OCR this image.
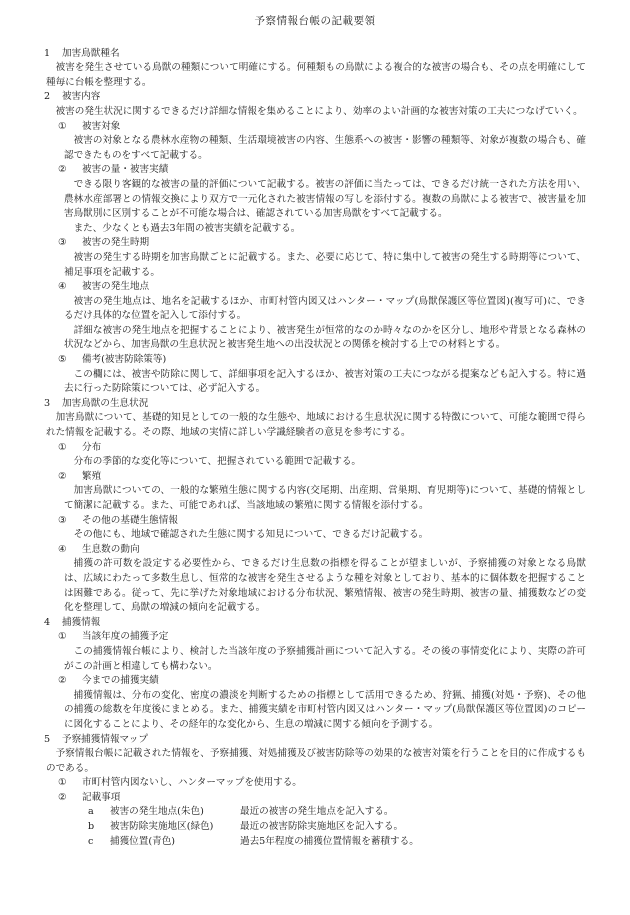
予察情報台帳の記載要領
1 加害鳥獣種名
被害を発生させている鳥獣の種類について明確にする。何種類もの鳥獣による複合的な被害の場合も、その点を明確にして種毎に台帳を整理する。
2 被害内容
被害の発生状況に関するできるだけ詳細な情報を集めることにより、効率のよい計画的な被害対策の工夫につなげていく。
① 被害対象
被害の対象となる農林水産物の種類、生活環境被害の内容、生態系への被害・影響の種類等、対象が複数の場合も、確認できたものをすべて記載する。
② 被害の量・被害実績
できる限り客観的な被害の量的評価について記載する。被害の評価に当たっては、できるだけ統一された方法を用い、農林水産部署との情報交換により双方で一元化された被害情報の写しを添付する。複数の鳥獣による被害で、被害量を加害鳥獣別に区別することが不可能な場合は、確認されている加害鳥獣をすべて記載する。
また、少なくとも過去3年間の被害実績を記載する。
③ 被害の発生時期
被害の発生する時期を加害鳥獣ごとに記載する。また、必要に応じて、特に集中して被害の発生する時期等について、補足事項を記載する。
④ 被害の発生地点
被害の発生地点は、地名を記載するほか、市町村管内図又はハンター・マップ(鳥獣保護区等位置図)(複写可)に、できるだけ具体的な位置を記入して添付する。
詳細な被害の発生地点を把握することにより、被害発生が恒常的なのか時々なのかを区分し、地形や背景となる森林の状況などから、加害鳥獣の生息状況と被害発生地への出没状況との関係を検討する上での材料とする。
⑤ 備考(被害防除策等)
この欄には、被害や防除に関して、詳細事項を記入するほか、被害対策の工夫につながる提案なども記入する。特に過去に行った防除策については、必ず記入する。
3 加害鳥獣の生息状況
加害鳥獣について、基礎的知見としての一般的な生態や、地域における生息状況に関する特徴について、可能な範囲で得られた情報を記載する。その際、地域の実情に詳しい学識経験者の意見を参考にする。
① 分布
分布の季節的な変化等について、把握されている範囲で記載する。
② 繁殖
加害鳥獣についての、一般的な繁殖生態に関する内容(交尾期、出産期、営巣期、育児期等)について、基礎的情報として簡潔に記載する。また、可能であれば、当該地域の繁殖に関する情報を添付する。
③ その他の基礎生態情報
その他にも、地域で確認された生態に関する知見について、できるだけ記載する。
④ 生息数の動向
捕獲の許可数を設定する必要性から、できるだけ生息数の指標を得ることが望ましいが、予察捕獲の対象となる鳥獣は、広域にわたって多数生息し、恒常的な被害を発生させるような種を対象としており、基本的に個体数を把握することは困難である。従って、先に挙げた対象地域における分布状況、繁殖情報、被害の発生時期、被害の量、捕獲数などの変化を整理して、鳥獣の増減の傾向を記載する。
4 捕獲情報
① 当該年度の捕獲予定
この捕獲情報台帳により、検討した当該年度の予察捕獲計画について記入する。その後の事情変化により、実際の許可がこの計画と相違しても構わない。
② 今までの捕獲実績
捕獲情報は、分布の変化、密度の濃淡を判断するための指標として活用できるため、狩猟、捕獲(対処・予察)、その他の捕獲の総数を年度後にまとめる。また、捕獲実績を市町村管内図又はハンター・マップ(鳥獣保護区等位置図)のコピーに図化することにより、その経年的な変化から、生息の増減に関する傾向を予測する。
5 予察捕獲情報マップ
予察情報台帳に記載された情報を、予察捕獲、対処捕獲及び被害防除等の効果的な被害対策を行うことを目的に作成するものである。
① 市町村管内図ないし、ハンターマップを使用する。
② 記載事項
a	被害の発生地点(朱色)	最近の被害の発生地点を記入する。
b	被害防除実施地区(緑色)	最近の被害防除実施地区を記入する。
c	捕獲位置(青色)	過去5年程度の捕獲位置情報を蓄積する。
